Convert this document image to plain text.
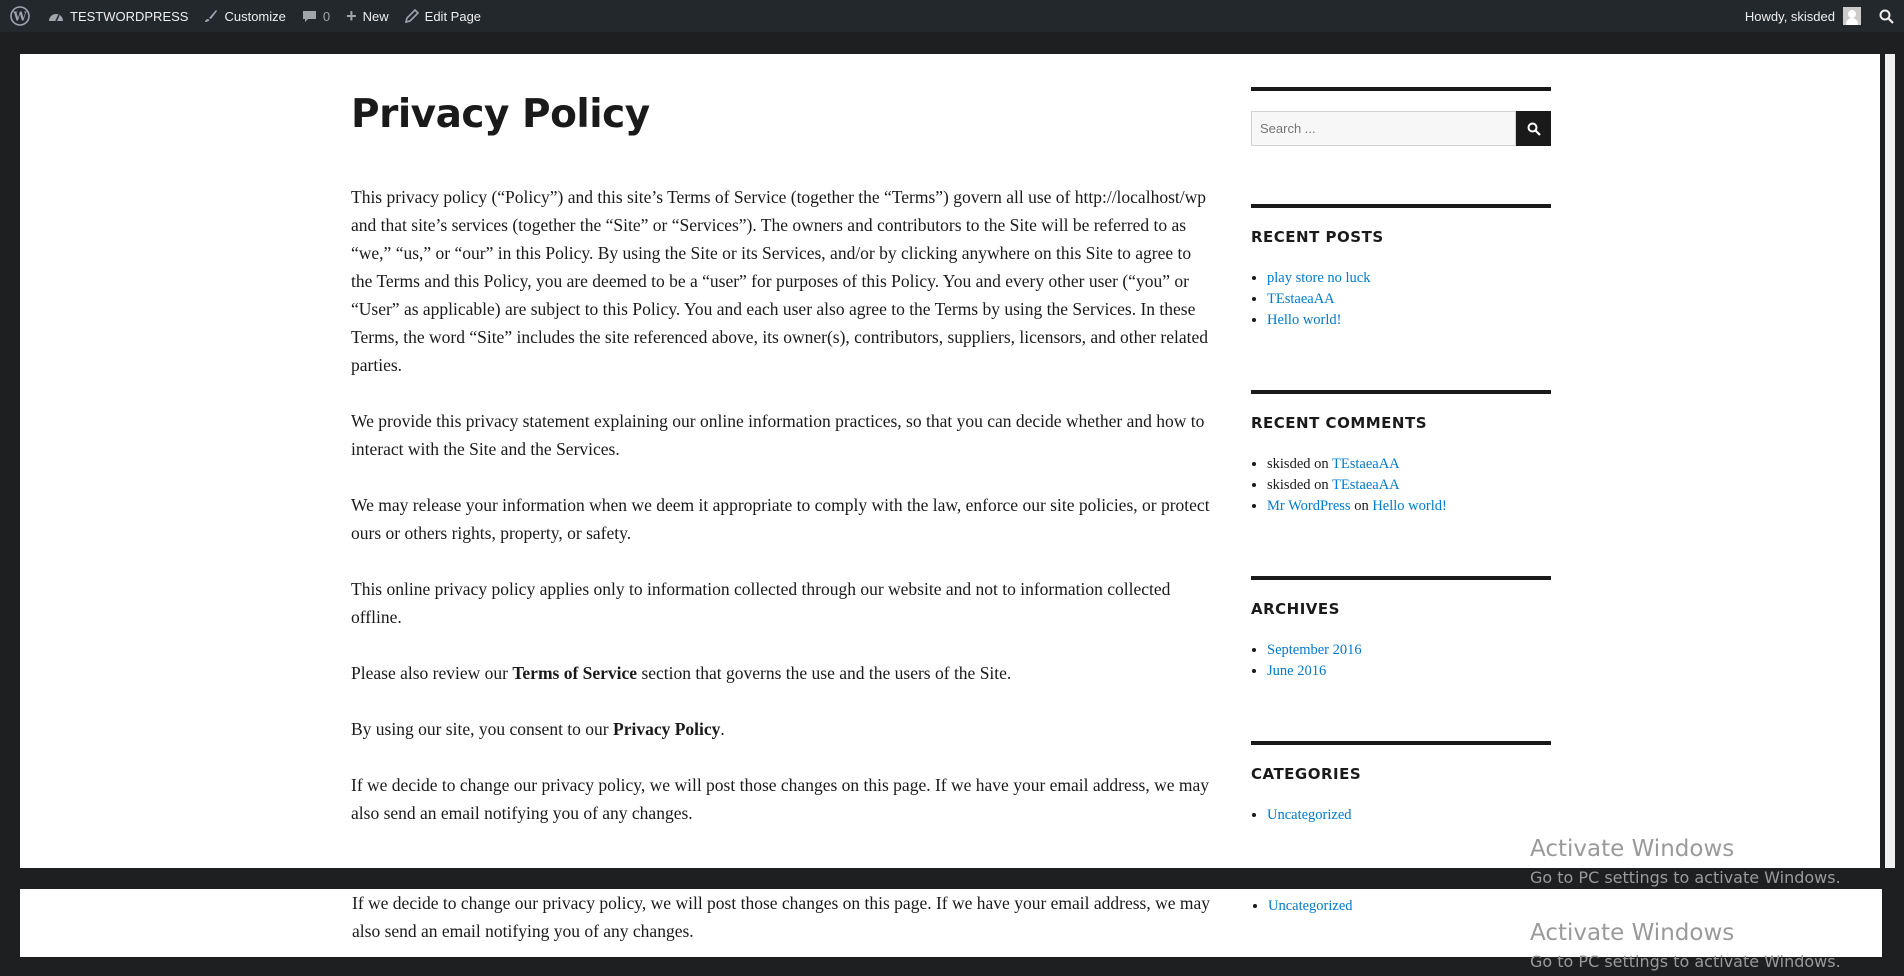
W	TESTWORDPRESS	Customize	0 + New	Edit Page	Howdy, skisded
Privacy Policy

This privacy policy (“Policy”) and this site’s Terms of Service (together the “Terms”) govern all use of http://localhost/wp and that site’s services (together the “Site” or “Services”). The owners and contributors to the Site will be referred to as “we,” “us,” or “our” in this Policy. By using the Site or its Services, and/or by clicking anywhere on this Site to agree to the Terms and this Policy, you are deemed to be a “user” for purposes of this Policy. You and every other user (“you” or “User” as applicable) are subject to this Policy. You and each user also agree to the Terms by using the Services. In these Terms, the word “Site” includes the site referenced above, its owner(s), contributors, suppliers, licensors, and other related parties.

We provide this privacy statement explaining our online information practices, so that you can decide whether and how to interact with the Site and the Services.

We may release your information when we deem it appropriate to comply with the law, enforce our site policies, or protect ours or others rights, property, or safety.

This online privacy policy applies only to information collected through our website and not to information collected offline.

Please also review our Terms of Service section that governs the use and the users of the Site.

By using our site, you consent to our Privacy Policy.

If we decide to change our privacy policy, we will post those changes on this page. If we have your email address, we may also send an email notifying you of any changes.

Search ...
RECENT POSTS
• play store no luck
• TEstaeaAA
• Hello world!
RECENT COMMENTS
• skisded on TEstaeaAA
• skisded on TEstaeaAA
• Mr WordPress on Hello world!
ARCHIVES
• September 2016
• June 2016
CATEGORIES
• Uncategorized
Activate Windows
Go to PC settings to activate Windows.

If we decide to change our privacy policy, we will post those changes on this page. If we have your email address, we may also send an email notifying you of any changes.

• Uncategorized
Activate Windows
Go to PC settings to activate Windows.
